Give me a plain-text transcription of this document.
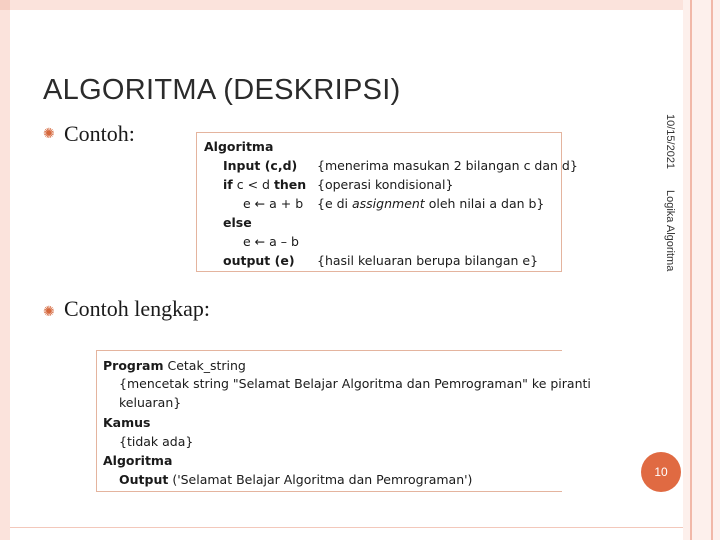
ALGORITMA (DESKRIPSI)
10/15/2021
Logika Algoritma
✺ Contoh:
Algoritma
Input (c,d) {menerima masukan 2 bilangan c dan d}
if c < d then {operasi kondisional}
e ← a + b {e di assignment oleh nilai a dan b}
else
e ← a – b
output (e) {hasil keluaran berupa bilangan e}
✺ Contoh lengkap:
Program Cetak_string
{mencetak string "Selamat Belajar Algoritma dan Pemrograman" ke piranti
keluaran}
Kamus
{tidak ada}
Algoritma
Output ('Selamat Belajar Algoritma dan Pemrograman')	10
